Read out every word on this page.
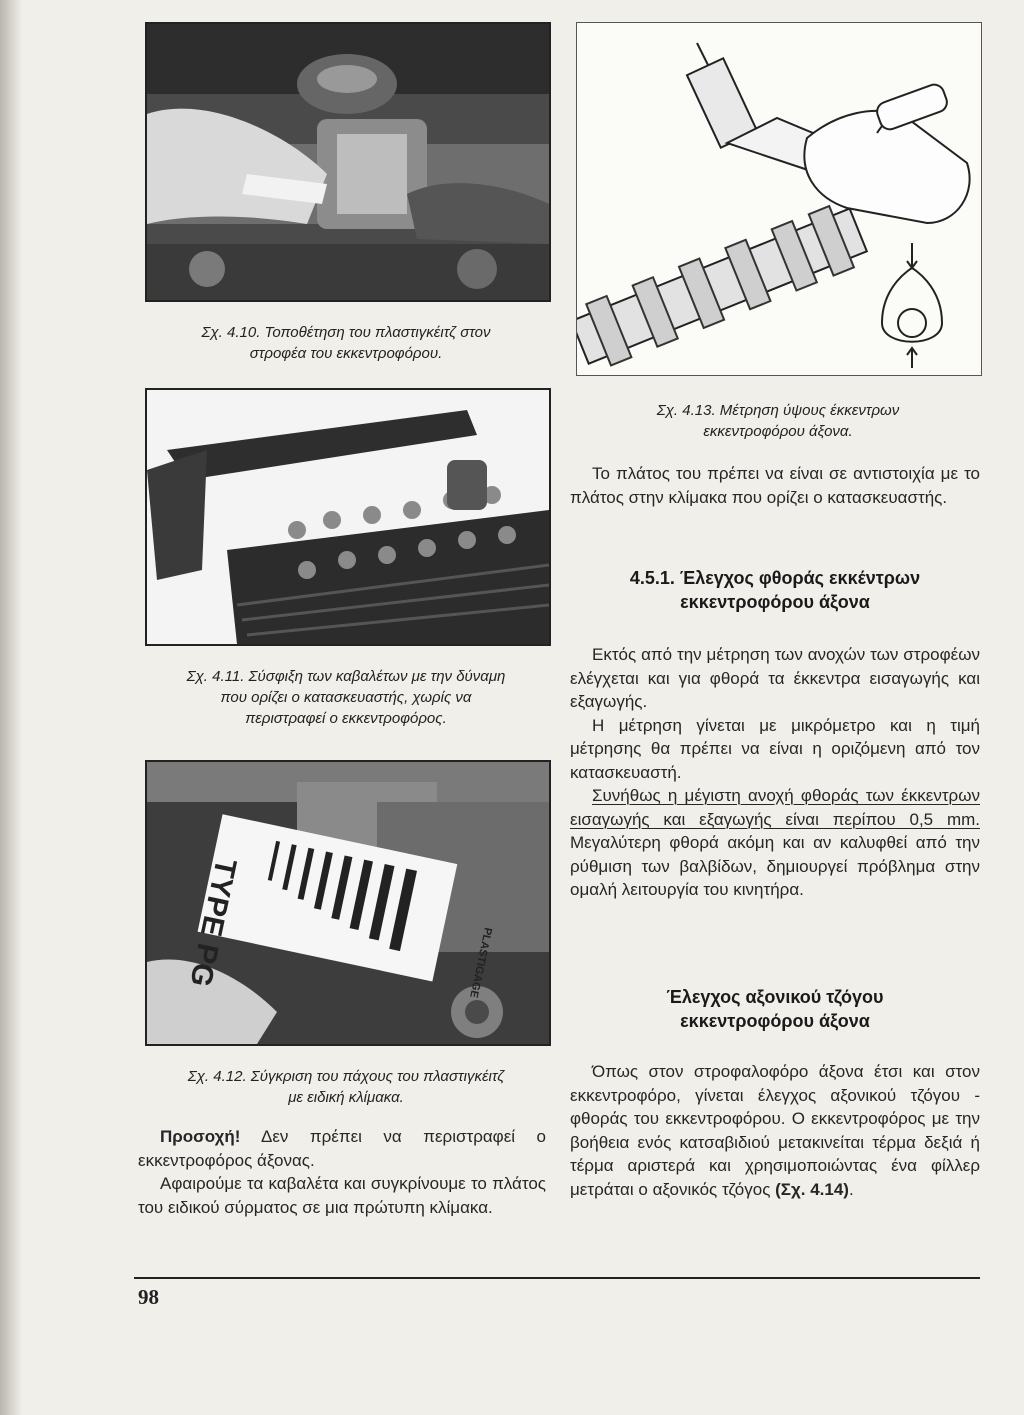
Σχ. 4.10. Τοποθέτηση του πλαστιγκέιτζ στον
στροφέα του εκκεντροφόρου.
Σχ. 4.11. Σύσφιξη των καβαλέτων με την δύναμη
που ορίζει ο κατασκευαστής, χωρίς να
περιστραφεί ο εκκεντροφόρος.
TYPE PG	PLASTIGAGE
Σχ. 4.12. Σύγκριση του πάχους του πλαστιγκέιτζ
με ειδική κλίμακα.

Προσοχή! Δεν πρέπει να περιστραφεί ο εκκεντροφόρος άξονας.

Αφαιρούμε τα καβαλέτα και συγκρίνουμε το πλάτος του ειδικού σύρματος σε μια πρώτυπη κλίμακα.

Σχ. 4.13. Μέτρηση ύψους έκκεντρων
εκκεντροφόρου άξονα.

Το πλάτος του πρέπει να είναι σε αντιστοιχία με το πλάτος στην κλίμακα που ορίζει ο κατασκευαστής.

4.5.1. Έλεγχος φθοράς εκκέντρων
εκκεντροφόρου άξονα

Εκτός από την μέτρηση των ανοχών των στροφέων ελέγχεται και για φθορά τα έκκεντρα εισαγωγής και εξαγωγής.

Η μέτρηση γίνεται με μικρόμετρο και η τιμή μέτρησης θα πρέπει να είναι η οριζόμενη από τον κατασκευαστή.

Συνήθως η μέγιστη ανοχή φθοράς των έκκεντρων εισαγωγής και εξαγωγής είναι περίπου 0,5 mm. Μεγαλύτερη φθορά ακόμη και αν καλυφθεί από την ρύθμιση των βαλβίδων, δημιουργεί πρόβλημα στην ομαλή λειτουργία του κινητήρα.

Έλεγχος αξονικού τζόγου
εκκεντροφόρου άξονα

Όπως στον στροφαλοφόρο άξονα έτσι και στον εκκεντροφόρο, γίνεται έλεγχος αξονικού τζόγου - φθοράς του εκκεντροφόρου. Ο εκκεντροφόρος με την βοήθεια ενός κατσαβιδιού μετακινείται τέρμα δεξιά ή τέρμα αριστερά και χρησιμοποιώντας ένα φίλλερ μετράται ο αξονικός τζόγος (Σχ. 4.14).

98
